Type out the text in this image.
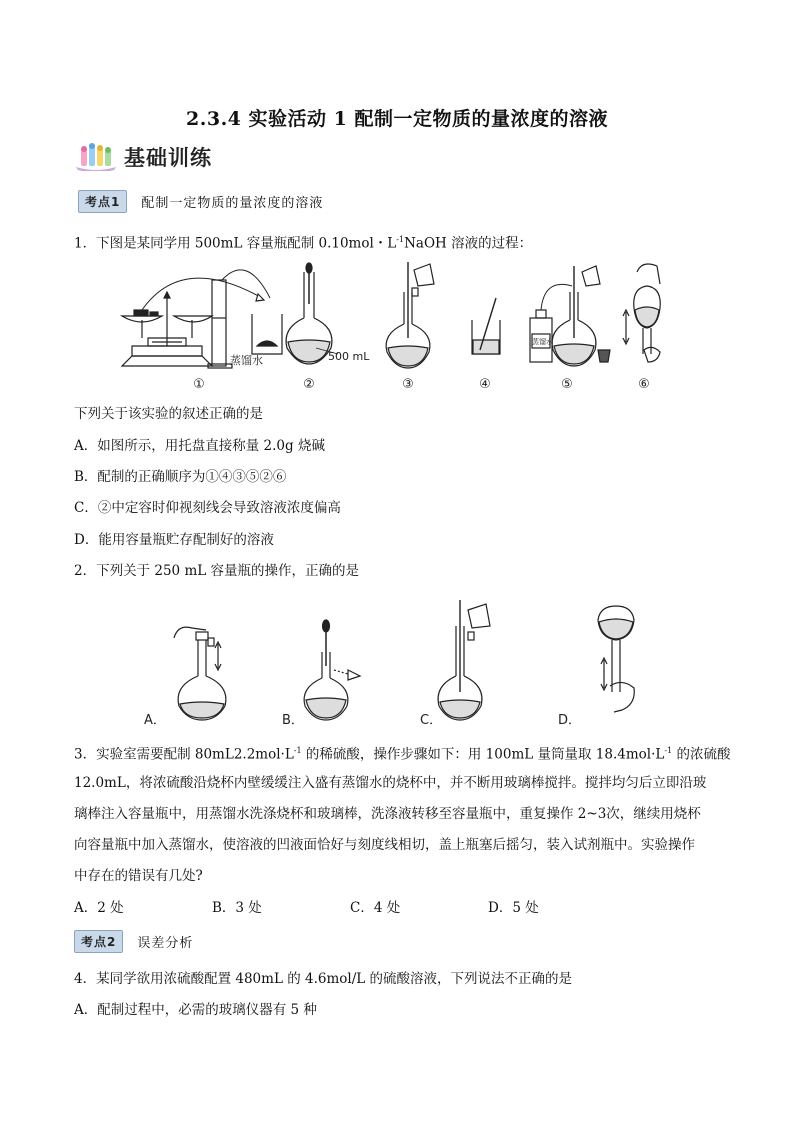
2.3.4 实验活动 1 配制一定物质的量浓度的溶液
基础训练
考点1	配制一定物质的量浓度的溶液
1．下图是某同学用 500mL 容量瓶配制 0.10mol・$L^{-1}NaOH$ 溶液的过程：
蒸馏水	500 mL
蒸馏水
①	②	③	④	⑤	⑥
下列关于该实验的叙述正确的是
A．如图所示，用托盘直接称量 2.0g 烧碱
B．配制的正确顺序为①④③⑤②⑥
C．②中定容时仰视刻线会导致溶液浓度偏高
D．能用容量瓶贮存配制好的溶液
2．下列关于 250 mL 容量瓶的操作，正确的是
A．	B．	C．	D．
3．实验室需要配制 $80mL2.2mol\cdot L^{-1}$ 的稀硫酸，操作步骤如下：用 100mL 量筒量取 $18.4mol\cdot L^{-1}$ 的浓硫酸
12.0mL，将浓硫酸沿烧杯内壁缓缓注入盛有蒸馏水的烧杯中，并不断用玻璃棒搅拌。搅拌均匀后立即沿玻
璃棒注入容量瓶中，用蒸馏水洗涤烧杯和玻璃棒，洗涤液转移至容量瓶中，重复操作 2~3次，继续用烧杯
向容量瓶中加入蒸馏水，使溶液的凹液面恰好与刻度线相切，盖上瓶塞后摇匀，装入试剂瓶中。实验操作
中存在的错误有几处?
A．2 处	B．3 处	C．4 处	D．5 处
考点2	误差分析
4．某同学欲用浓硫酸配置 480mL 的 4.6mol/L 的硫酸溶液，下列说法不正确的是
A．配制过程中，必需的玻璃仪器有 5 种
